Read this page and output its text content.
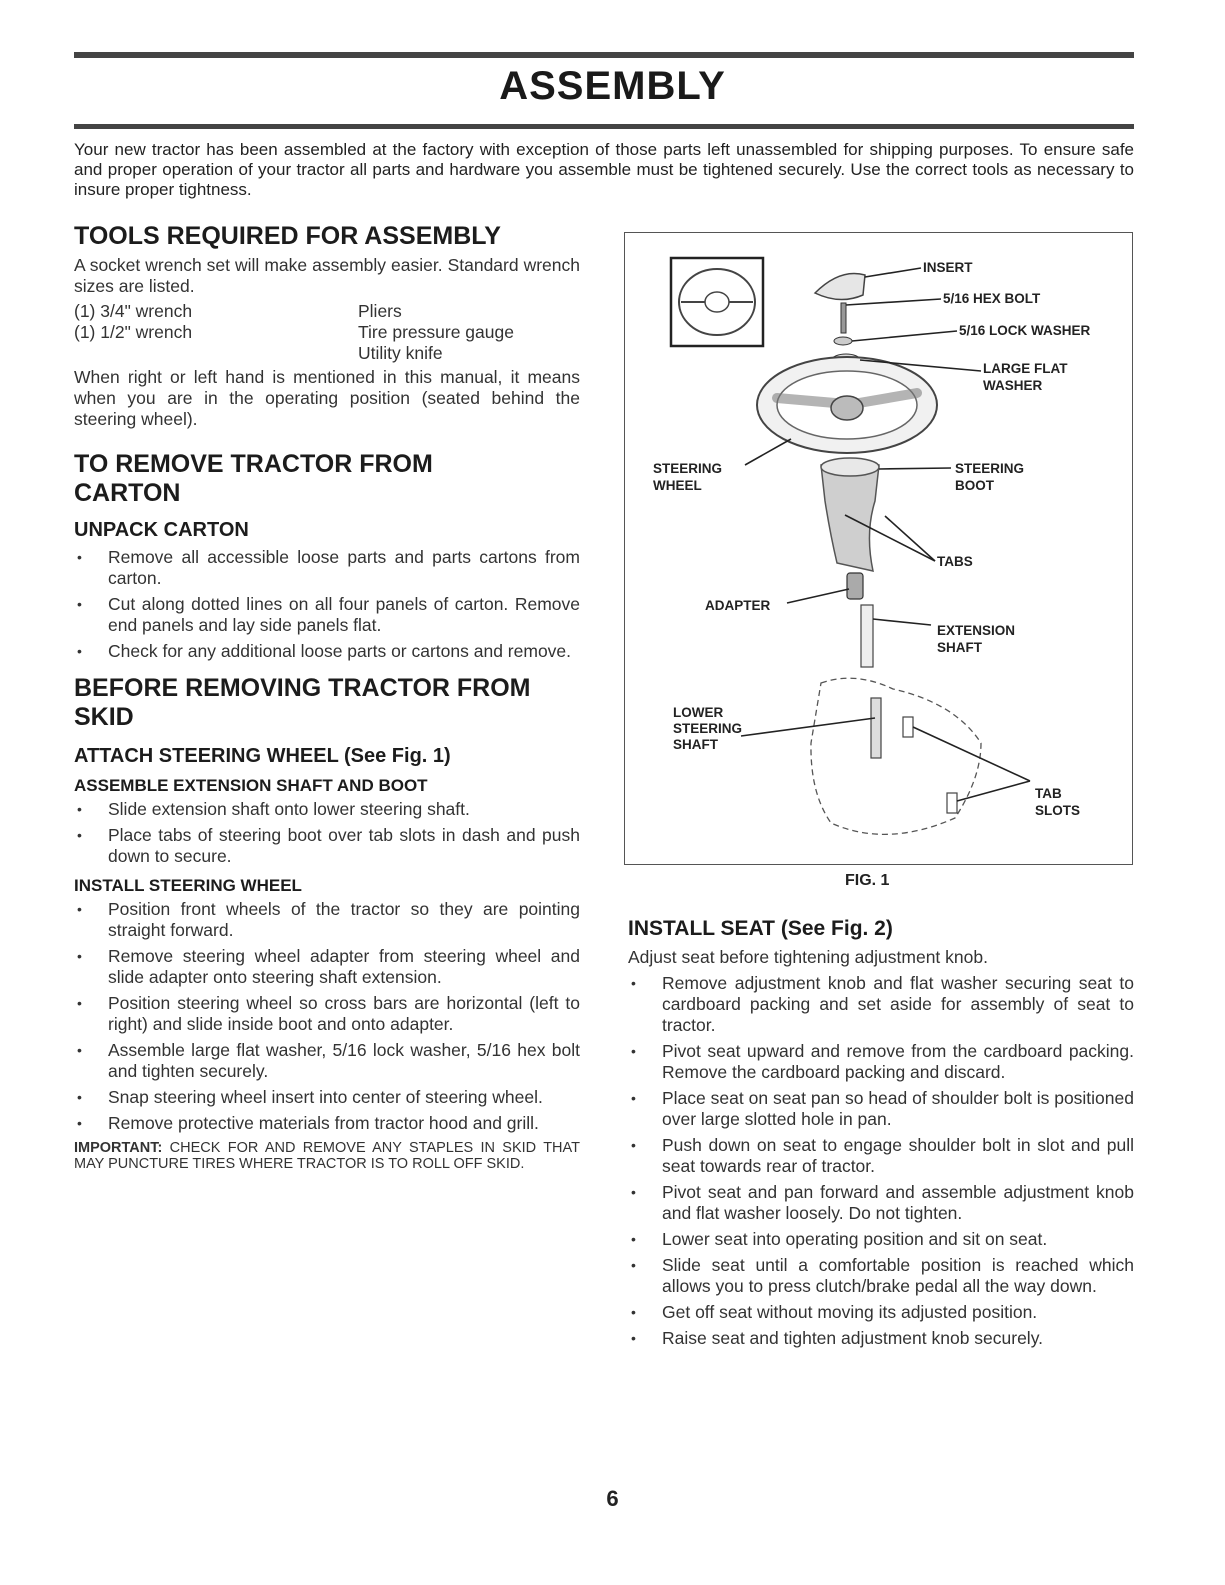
ASSEMBLY

Your new tractor has been assembled at the factory with exception of those parts left unassembled for shipping purposes. To ensure safe and proper operation of your tractor all parts and hardware you assemble must be tightened securely. Use the correct tools as necessary to insure proper tightness.

TOOLS REQUIRED FOR ASSEMBLY

A socket wrench set will make assembly easier. Standard wrench sizes are listed.

(1) 3/4" wrench	Pliers
(1) 1/2" wrench	Tire pressure gauge
Utility knife

When right or left hand is mentioned in this manual, it means when you are in the operating position (seated behind the steering wheel).

TO REMOVE TRACTOR FROM CARTON
UNPACK CARTON
• Remove all accessible loose parts and parts cartons from carton.
• Cut along dotted lines on all four panels of carton. Remove end panels and lay side panels flat.
• Check for any additional loose parts or cartons and remove.
BEFORE REMOVING TRACTOR FROM SKID
ATTACH STEERING WHEEL (See Fig. 1)
ASSEMBLE EXTENSION SHAFT AND BOOT
• Slide extension shaft onto lower steering shaft.
• Place tabs of steering boot over tab slots in dash and push down to secure.
INSTALL STEERING WHEEL
• Position front wheels of the tractor so they are pointing straight forward.
• Remove steering wheel adapter from steering wheel and slide adapter onto steering shaft extension.
• Position steering wheel so cross bars are horizontal (left to right) and slide inside boot and onto adapter.
• Assemble large flat washer, 5/16 lock washer, 5/16 hex bolt and tighten securely.
• Snap steering wheel insert into center of steering wheel.
• Remove protective materials from tractor hood and grill.
IMPORTANT: CHECK FOR AND REMOVE ANY STAPLES IN SKID THAT MAY PUNCTURE TIRES WHERE TRACTOR IS TO ROLL OFF SKID.
INSERT
5/16 HEX BOLT
5/16 LOCK WASHER
LARGE FLAT
WASHER
STEERING
WHEEL
STEERING
BOOT
TABS
ADAPTER
EXTENSION
SHAFT
LOWER
STEERING
SHAFT
TAB
SLOTS
FIG. 1
INSTALL SEAT (See Fig. 2)

Adjust seat before tightening adjustment knob.

• Remove adjustment knob and flat washer securing seat to cardboard packing and set aside for assembly of seat to tractor.
• Pivot seat upward and remove from the cardboard packing. Remove the cardboard packing and discard.
• Place seat on seat pan so head of shoulder bolt is positioned over large slotted hole in pan.
• Push down on seat to engage shoulder bolt in slot and pull seat towards rear of tractor.
• Pivot seat and pan forward and assemble adjustment knob and flat washer loosely. Do not tighten.
• Lower seat into operating position and sit on seat.
• Slide seat until a comfortable position is reached which allows you to press clutch/brake pedal all the way down.
• Get off seat without moving its adjusted position.
• Raise seat and tighten adjustment knob securely.
6
